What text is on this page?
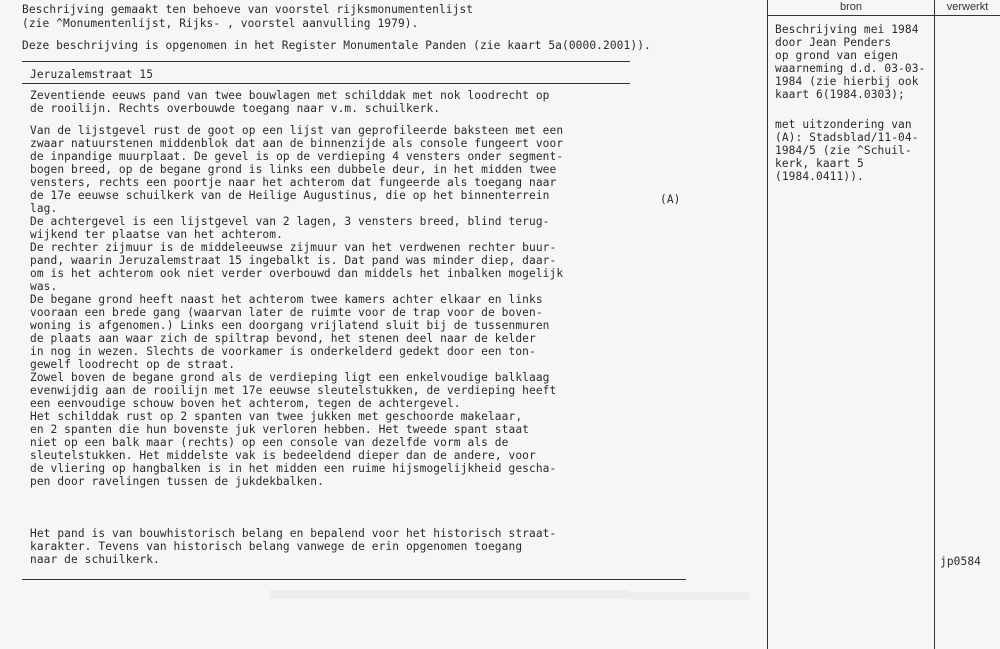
bron	verwerkt
Beschrijving gemaakt ten behoeve van voorstel rijksmonumentenlijst
(zie ^Monumentenlijst, Rijks- , voorstel aanvulling 1979).
Deze beschrijving is opgenomen in het Register Monumentale Panden (zie kaart 5a(0000.2001)).
Jeruzalemstraat 15
Zeventiende eeuws pand van twee bouwlagen met schilddak met nok loodrecht op
de rooilijn. Rechts overbouwde toegang naar v.m. schuilkerk.
Van de lijstgevel rust de goot op een lijst van geprofileerde baksteen met een
zwaar natuurstenen middenblok dat aan de binnenzijde als console fungeert voor
de inpandige muurplaat. De gevel is op de verdieping 4 vensters onder segment-
bogen breed, op de begane grond is links een dubbele deur, in het midden twee
vensters, rechts een poortje naar het achterom dat fungeerde als toegang naar
de 17e eeuwse schuilkerk van de Heilige Augustinus, die op het binnenterrein
lag.
De achtergevel is een lijstgevel van 2 lagen, 3 vensters breed, blind terug-
wijkend ter plaatse van het achterom.
De rechter zijmuur is de middeleeuwse zijmuur van het verdwenen rechter buur-
pand, waarin Jeruzalemstraat 15 ingebalkt is. Dat pand was minder diep, daar-
om is het achterom ook niet verder overbouwd dan middels het inbalken mogelijk
was.
De begane grond heeft naast het achterom twee kamers achter elkaar en links
vooraan een brede gang (waarvan later de ruimte voor de trap voor de boven-
woning is afgenomen.) Links een doorgang vrijlatend sluit bij de tussenmuren
de plaats aan waar zich de spiltrap bevond, het stenen deel naar de kelder
in nog in wezen. Slechts de voorkamer is onderkelderd gedekt door een ton-
gewelf loodrecht op de straat.
Zowel boven de begane grond als de verdieping ligt een enkelvoudige balklaag
evenwijdig aan de rooilijn met 17e eeuwse sleutelstukken, de verdieping heeft
een eenvoudige schouw boven het achterom, tegen de achtergevel.
Het schilddak rust op 2 spanten van twee jukken met geschoorde makelaar,
en 2 spanten die hun bovenste juk verloren hebben. Het tweede spant staat
niet op een balk maar (rechts) op een console van dezelfde vorm als de
sleutelstukken. Het middelste vak is bedeeldend dieper dan de andere, voor
de vliering op hangbalken is in het midden een ruime hijsmogelijkheid gescha-
pen door ravelingen tussen de jukdekbalken.
(A)
Het pand is van bouwhistorisch belang en bepalend voor het historisch straat-
karakter. Tevens van historisch belang vanwege de erin opgenomen toegang
naar de schuilkerk.
Beschrijving mei 1984
door Jean Penders
op grond van eigen
waarneming d.d. 03-03-
1984 (zie hierbij ook
kaart 6(1984.0303);
met uitzondering van
(A): Stadsblad/11-04-
1984/5 (zie ^Schuil-
kerk, kaart 5
(1984.0411)).
jp0584
